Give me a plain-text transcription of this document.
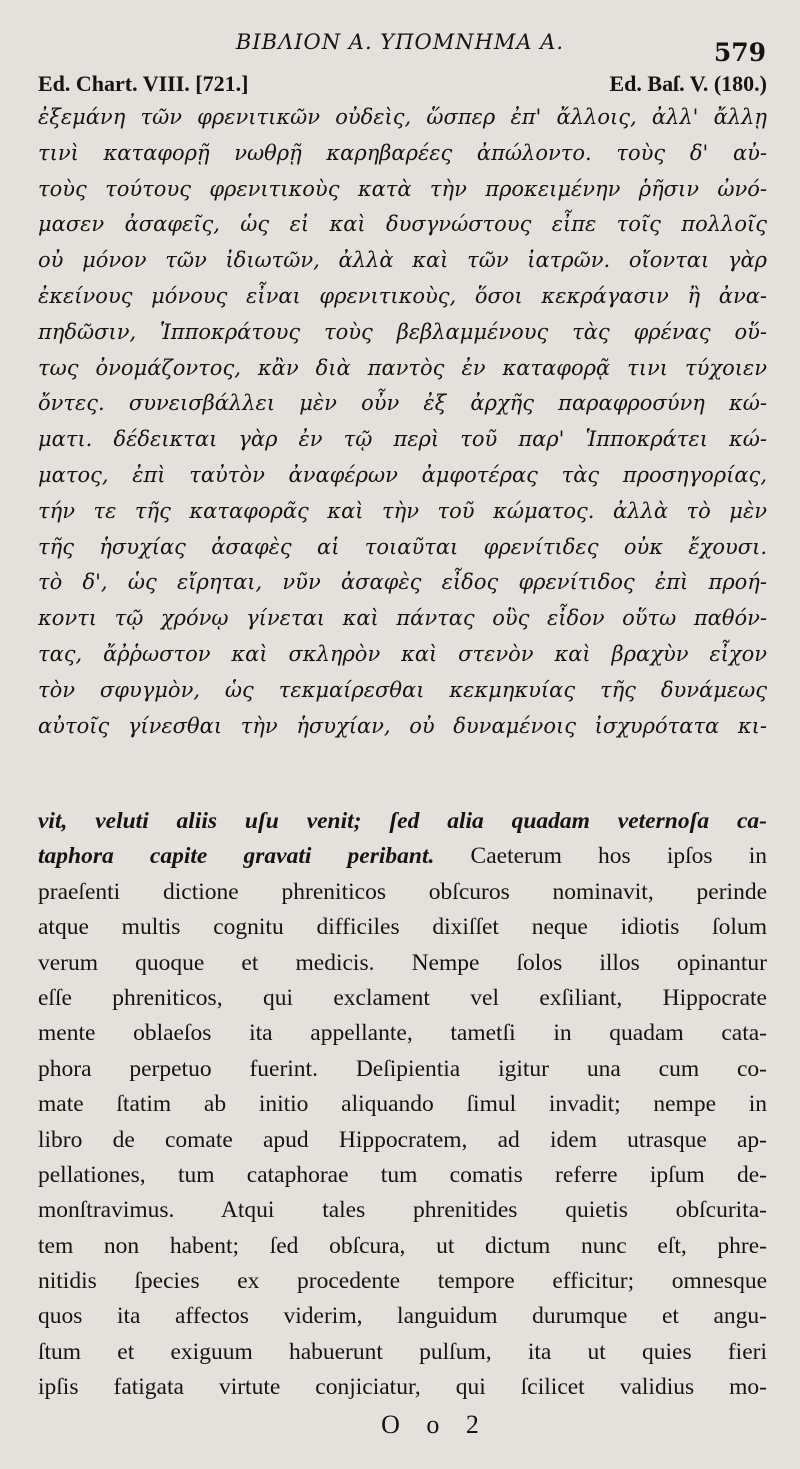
ΒΙΒΛΙΟΝ Α. ΥΠΟΜΝΗΜΑ Α.	579
Ed. Chart. VIII. [721.]	Ed. Baſ. V. (180.)
ἐξεμάνη τῶν φρενιτικῶν οὐδεὶς, ὥσπερ ἐπ' ἄλλοις, ἀλλ' ἄλλῃ
τινὶ καταφορῇ νωθρῇ καρηβαρέες ἀπώλοντο. τοὺς δ' αὐ-
τοὺς τούτους φρενιτικοὺς κατὰ τὴν προκειμένην ῥῆσιν ὠνό-
μασεν ἀσαφεῖς, ὡς εἰ καὶ δυσγνώστους εἶπε τοῖς πολλοῖς
οὐ μόνον τῶν ἰδιωτῶν, ἀλλὰ καὶ τῶν ἰατρῶν. οἴονται γὰρ
ἐκείνους μόνους εἶναι φρενιτικοὺς, ὅσοι κεκράγασιν ἢ ἀνα-
πηδῶσιν, Ἱπποκράτους τοὺς βεβλαμμένους τὰς φρένας οὕ-
τως ὀνομάζοντος, κἂν διὰ παντὸς ἐν καταφορᾷ τινι τύχοιεν
ὄντες. συνεισβάλλει μὲν οὖν ἐξ ἀρχῆς παραφροσύνη κώ-
ματι. δέδεικται γὰρ ἐν τῷ περὶ τοῦ παρ' Ἱπποκράτει κώ-
ματος, ἐπὶ ταὐτὸν ἀναφέρων ἀμφοτέρας τὰς προσηγορίας,
τήν τε τῆς καταφορᾶς καὶ τὴν τοῦ κώματος. ἀλλὰ τὸ μὲν
τῆς ἡσυχίας ἀσαφὲς αἱ τοιαῦται φρενίτιδες οὐκ ἔχουσι.
τὸ δ', ὡς εἴρηται, νῦν ἀσαφὲς εἶδος φρενίτιδος ἐπὶ προή-
κοντι τῷ χρόνῳ γίνεται καὶ πάντας οὓς εἶδον οὕτω παθόν-
τας, ἄῤῥωστον καὶ σκληρὸν καὶ στενὸν καὶ βραχὺν εἶχον
τὸν σφυγμὸν, ὡς τεκμαίρεσθαι κεκμηκυίας τῆς δυνάμεως
αὐτοῖς γίνεσθαι τὴν ἡσυχίαν, οὐ δυναμένοις ἰσχυρότατα κι-
vit, veluti aliis uſu venit; ſed alia quadam veternoſa ca-
taphora capite gravati peribant. Caeterum hos ipſos in
praeſenti dictione phreniticos obſcuros nominavit, perinde
atque multis cognitu difficiles dixiſſet neque idiotis ſolum
verum quoque et medicis. Nempe ſolos illos opinantur
eſſe phreniticos, qui exclament vel exſiliant, Hippocrate
mente oblaeſos ita appellante, tametſi in quadam cata-
phora perpetuo fuerint. Deſipientia igitur una cum co-
mate ſtatim ab initio aliquando ſimul invadit; nempe in
libro de comate apud Hippocratem, ad idem utrasque ap-
pellationes, tum cataphorae tum comatis referre ipſum de-
monſtravimus. Atqui tales phrenitides quietis obſcurita-
tem non habent; ſed obſcura, ut dictum nunc eſt, phre-
nitidis ſpecies ex procedente tempore efficitur; omnesque
quos ita affectos viderim, languidum durumque et angu-
ſtum et exiguum habuerunt pulſum, ita ut quies fieri
ipſis fatigata virtute conjiciatur, qui ſcilicet validius mo-
O o 2
